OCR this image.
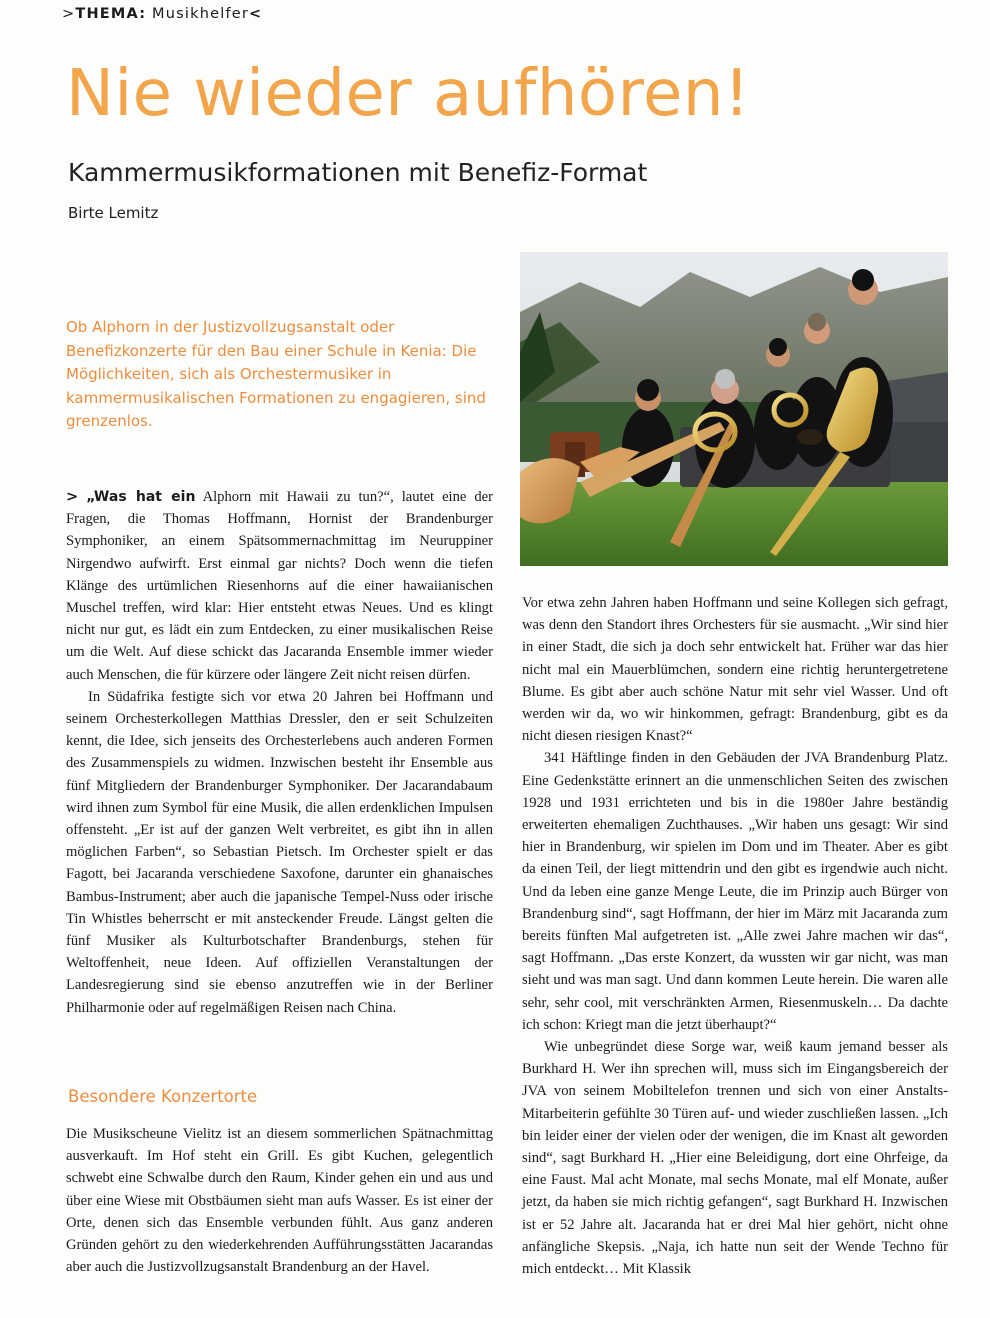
>THEMA: Musikhelfer<
Nie wieder aufhören!
Kammermusikformationen mit Benefiz-Format
Birte Lemitz

Ob Alphorn in der Justizvollzugsanstalt oder Benefizkonzerte für den Bau einer Schule in Kenia: Die Möglichkeiten, sich als Orchestermusiker in kammermusikalischen Formationen zu engagieren, sind grenzenlos.

> „Was hat ein Alphorn mit Hawaii zu tun?“, lautet eine der Fragen, die Thomas Hoffmann, Hornist der Brandenburger Symphoniker, an einem Spätsommernachmittag im Neuruppiner Nirgendwo aufwirft. Erst einmal gar nichts? Doch wenn die tiefen Klänge des urtümlichen Riesenhorns auf die einer hawaiianischen Muschel treffen, wird klar: Hier entsteht etwas Neues. Und es klingt nicht nur gut, es lädt ein zum Entdecken, zu einer musikalischen Reise um die Welt. Auf diese schickt das Jacaranda Ensemble immer wieder auch Menschen, die für kürzere oder längere Zeit nicht reisen dürfen.

In Südafrika festigte sich vor etwa 20 Jahren bei Hoffmann und seinem Orchesterkollegen Matthias Dressler, den er seit Schulzeiten kennt, die Idee, sich jenseits des Orchesterlebens auch anderen Formen des Zusammenspiels zu widmen. Inzwischen besteht ihr Ensemble aus fünf Mitgliedern der Brandenburger Symphoniker. Der Jacarandabaum wird ihnen zum Symbol für eine Musik, die allen erdenklichen Impulsen offensteht. „Er ist auf der ganzen Welt verbreitet, es gibt ihn in allen möglichen Farben“, so Sebastian Pietsch. Im Orchester spielt er das Fagott, bei Jacaranda verschiedene Saxofone, darunter ein ghanaisches Bambus-Instrument; aber auch die japanische Tempel-Nuss oder irische Tin Whistles beherrscht er mit ansteckender Freude. Längst gelten die fünf Musiker als Kulturbotschafter Brandenburgs, stehen für Weltoffenheit, neue Ideen. Auf offiziellen Veranstaltungen der Landesregierung sind sie ebenso anzutreffen wie in der Berliner Philharmonie oder auf regelmäßigen Reisen nach China.

Besondere Konzertorte

Die Musikscheune Vielitz ist an diesem sommerlichen Spätnachmittag ausverkauft. Im Hof steht ein Grill. Es gibt Kuchen, gelegentlich schwebt eine Schwalbe durch den Raum, Kinder gehen ein und aus und über eine Wiese mit Obstbäumen sieht man aufs Wasser. Es ist einer der Orte, denen sich das Ensemble verbunden fühlt. Aus ganz anderen Gründen gehört zu den wiederkehrenden Aufführungsstätten Jacarandas aber auch die Justizvollzugsanstalt Brandenburg an der Havel.

Vor etwa zehn Jahren haben Hoffmann und seine Kollegen sich gefragt, was denn den Standort ihres Orchesters für sie ausmacht. „Wir sind hier in einer Stadt, die sich ja doch sehr entwickelt hat. Früher war das hier nicht mal ein Mauerblümchen, sondern eine richtig heruntergetretene Blume. Es gibt aber auch schöne Natur mit sehr viel Wasser. Und oft werden wir da, wo wir hinkommen, gefragt: Brandenburg, gibt es da nicht diesen riesigen Knast?“

341 Häftlinge finden in den Gebäuden der JVA Brandenburg Platz. Eine Gedenkstätte erinnert an die unmenschlichen Seiten des zwischen 1928 und 1931 errichteten und bis in die 1980er Jahre beständig erweiterten ehemaligen Zuchthauses. „Wir haben uns gesagt: Wir sind hier in Brandenburg, wir spielen im Dom und im Theater. Aber es gibt da einen Teil, der liegt mittendrin und den gibt es irgendwie auch nicht. Und da leben eine ganze Menge Leute, die im Prinzip auch Bürger von Brandenburg sind“, sagt Hoffmann, der hier im März mit Jacaranda zum bereits fünften Mal aufgetreten ist. „Alle zwei Jahre machen wir das“, sagt Hoffmann. „Das erste Konzert, da wussten wir gar nicht, was man sieht und was man sagt. Und dann kommen Leute herein. Die waren alle sehr, sehr cool, mit verschränkten Armen, Riesenmuskeln… Da dachte ich schon: Kriegt man die jetzt überhaupt?“

Wie unbegründet diese Sorge war, weiß kaum jemand besser als Burkhard H. Wer ihn sprechen will, muss sich im Eingangsbereich der JVA von seinem Mobiltelefon trennen und sich von einer Anstalts-Mitarbeiterin gefühlte 30 Türen auf- und wieder zuschließen lassen. „Ich bin leider einer der vielen oder der wenigen, die im Knast alt geworden sind“, sagt Burkhard H. „Hier eine Beleidigung, dort eine Ohrfeige, da eine Faust. Mal acht Monate, mal sechs Monate, mal elf Monate, außer jetzt, da haben sie mich richtig gefangen“, sagt Burkhard H. Inzwischen ist er 52 Jahre alt. Jacaranda hat er drei Mal hier gehört, nicht ohne anfängliche Skepsis. „Naja, ich hatte nun seit der Wende Techno für mich entdeckt… Mit Klassik
